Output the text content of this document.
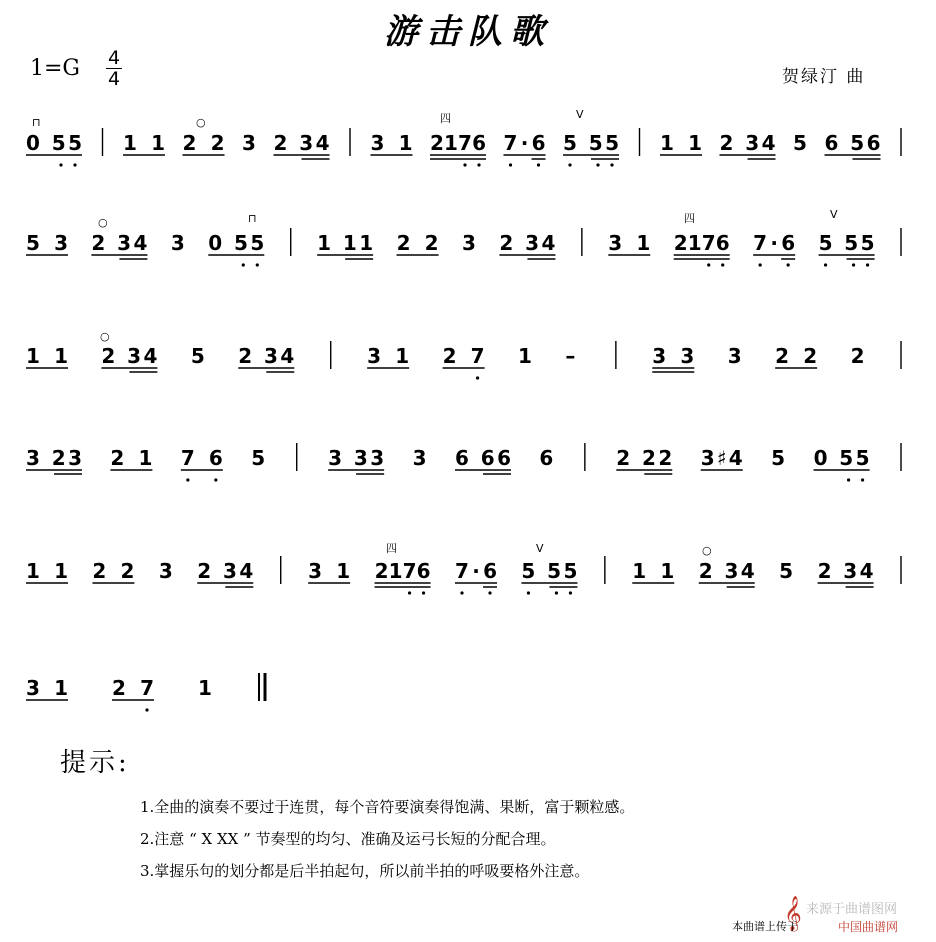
游击队歌
1=G 4
4	贺绿汀 曲
0 55 1 1 2 2 3 2 34 3 1 2176 7·6 5 55 1 1 2 34 5 6 56
5 3 2 34 3 0 55	1 11 2 2 3 2 34	3 1 2176 7·6 5 55
1 1 2 34 5 2 34	3 1 2 7 1 –	3 3 3 2 2 2
3 23 2 1 7 6 5	3 33 3 6 66 6	2 22 3♯4 5 0 55
1 1 2 2 3 2 34	3 1 2176 7·6 5 55	1 1 2 34 5 2 34
3 1 2 7 1
⊓	○	四	V
○	⊓	四	V
○
四	V	○
提示:
1.全曲的演奏不要过于连贯，每个音符要演奏得饱满、果断，富于颗粒感。
2.注意 “ X XX ” 节奏型的均匀、准确及运弓长短的分配合理。
3.掌握乐句的划分都是后半拍起句，所以前半拍的呼吸要格外注意。
𝄞 来源于曲谱图网
本曲谱上传于	中国曲谱网
